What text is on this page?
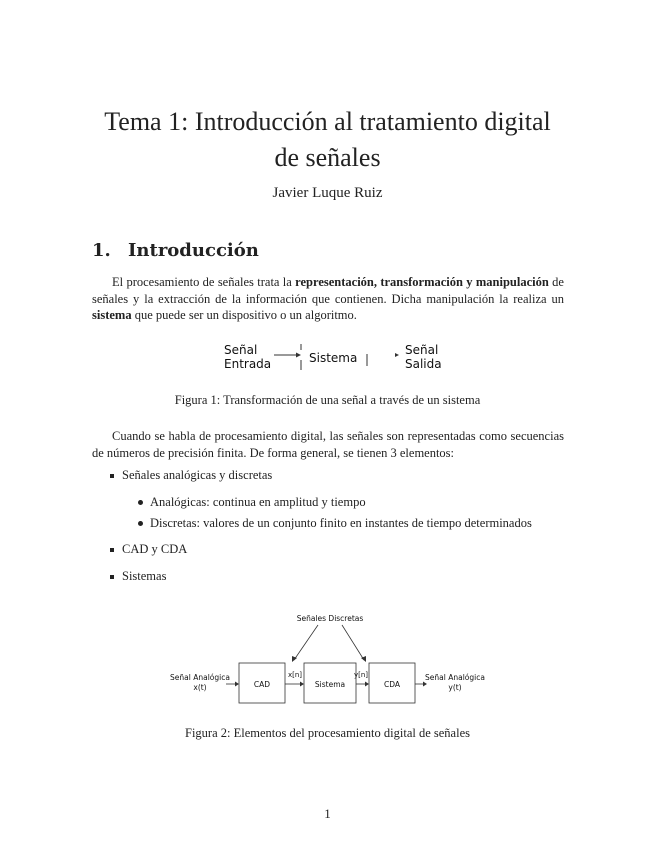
Tema 1: Introducción al tratamiento digital
de señales
Javier Luque Ruiz
1. Introducción

El procesamiento de señales trata la representación, transformación y manipulación de señales y la extracción de la información que contienen. Dicha manipulación la realiza un sistema que puede ser un dispositivo o un algoritmo.

Señal
Entrada	Sistema
Señal
Salida
Figura 1: Transformación de una señal a través de un sistema

Cuando se habla de procesamiento digital, las señales son representadas como secuencias de números de precisión finita. De forma general, se tienen 3 elementos:

Señales analógicas y discretas
Analógicas: continua en amplitud y tiempo
Discretas: valores de un conjunto finito en instantes de tiempo determinados
CAD y CDA
Sistemas
Señales Discretas
Señal Analógica
x(t)	CAD
x[n]
Sistema
y[n]
CDA
Señal Analógica
y(t)
Figura 2: Elementos del procesamiento digital de señales
1
